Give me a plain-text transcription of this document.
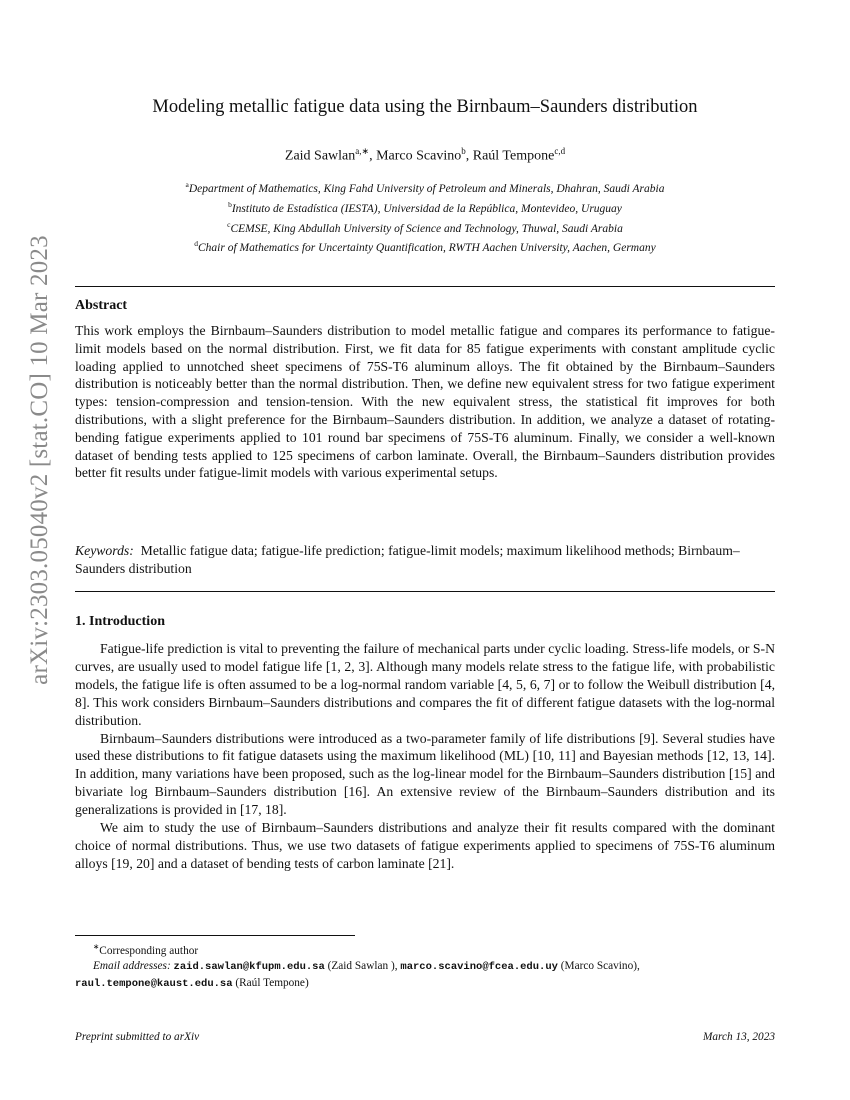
arXiv:2303.05040v2 [stat.CO] 10 Mar 2023
Modeling metallic fatigue data using the Birnbaum–Saunders distribution
Zaid Sawlan$^{a,∗}$, Marco Scavino$^b$, Raúl Tempone$^{c,d}$
$^a$Department of Mathematics, King Fahd University of Petroleum and Minerals, Dhahran, Saudi Arabia
$^b$Instituto de Estadística (IESTA), Universidad de la República, Montevideo, Uruguay
$^c$CEMSE, King Abdullah University of Science and Technology, Thuwal, Saudi Arabia
$^d$Chair of Mathematics for Uncertainty Quantification, RWTH Aachen University, Aachen, Germany
Abstract
This work employs the Birnbaum–Saunders distribution to model metallic fatigue and compares its performance to fatigue-limit models based on the normal distribution. First, we fit data for 85 fatigue experiments with constant amplitude cyclic loading applied to unnotched sheet specimens of 75S-T6 aluminum alloys. The fit obtained by the Birnbaum–Saunders distribution is noticeably better than the normal distribution. Then, we define new equivalent stress for two fatigue experiment types: tension-compression and tension-tension. With the new equivalent stress, the statistical fit improves for both distributions, with a slight preference for the Birnbaum–Saunders distribution. In addition, we analyze a dataset of rotating-bending fatigue experiments applied to 101 round bar specimens of 75S-T6 aluminum. Finally, we consider a well-known dataset of bending tests applied to 125 specimens of carbon laminate. Overall, the Birnbaum–Saunders distribution provides better fit results under fatigue-limit models with various experimental setups.
Keywords: Metallic fatigue data; fatigue-life prediction; fatigue-limit models; maximum likelihood methods; Birnbaum–Saunders distribution
1. Introduction

Fatigue-life prediction is vital to preventing the failure of mechanical parts under cyclic loading. Stress-life models, or S-N curves, are usually used to model fatigue life [1, 2, 3]. Although many models relate stress to the fatigue life, with probabilistic models, the fatigue life is often assumed to be a log-normal random variable [4, 5, 6, 7] or to follow the Weibull distribution [4, 8]. This work considers Birnbaum–Saunders distributions and compares the fit of different fatigue datasets with the log-normal distribution.

Birnbaum–Saunders distributions were introduced as a two-parameter family of life distributions [9]. Several studies have used these distributions to fit fatigue datasets using the maximum likelihood (ML) [10, 11] and Bayesian methods [12, 13, 14]. In addition, many variations have been proposed, such as the log-linear model for the Birnbaum–Saunders distribution [15] and bivariate log Birnbaum–Saunders distribution [16]. An extensive review of the Birnbaum–Saunders distribution and its generalizations is provided in [17, 18].

We aim to study the use of Birnbaum–Saunders distributions and analyze their fit results compared with the dominant choice of normal distributions. Thus, we use two datasets of fatigue experiments applied to specimens of 75S-T6 aluminum alloys [19, 20] and a dataset of bending tests of carbon laminate [21].

∗Corresponding author
Email addresses: zaid.sawlan@kfupm.edu.sa (Zaid Sawlan ), marco.scavino@fcea.edu.uy (Marco Scavino),
raul.tempone@kaust.edu.sa (Raúl Tempone)
Preprint submitted to arXiv	March 13, 2023
